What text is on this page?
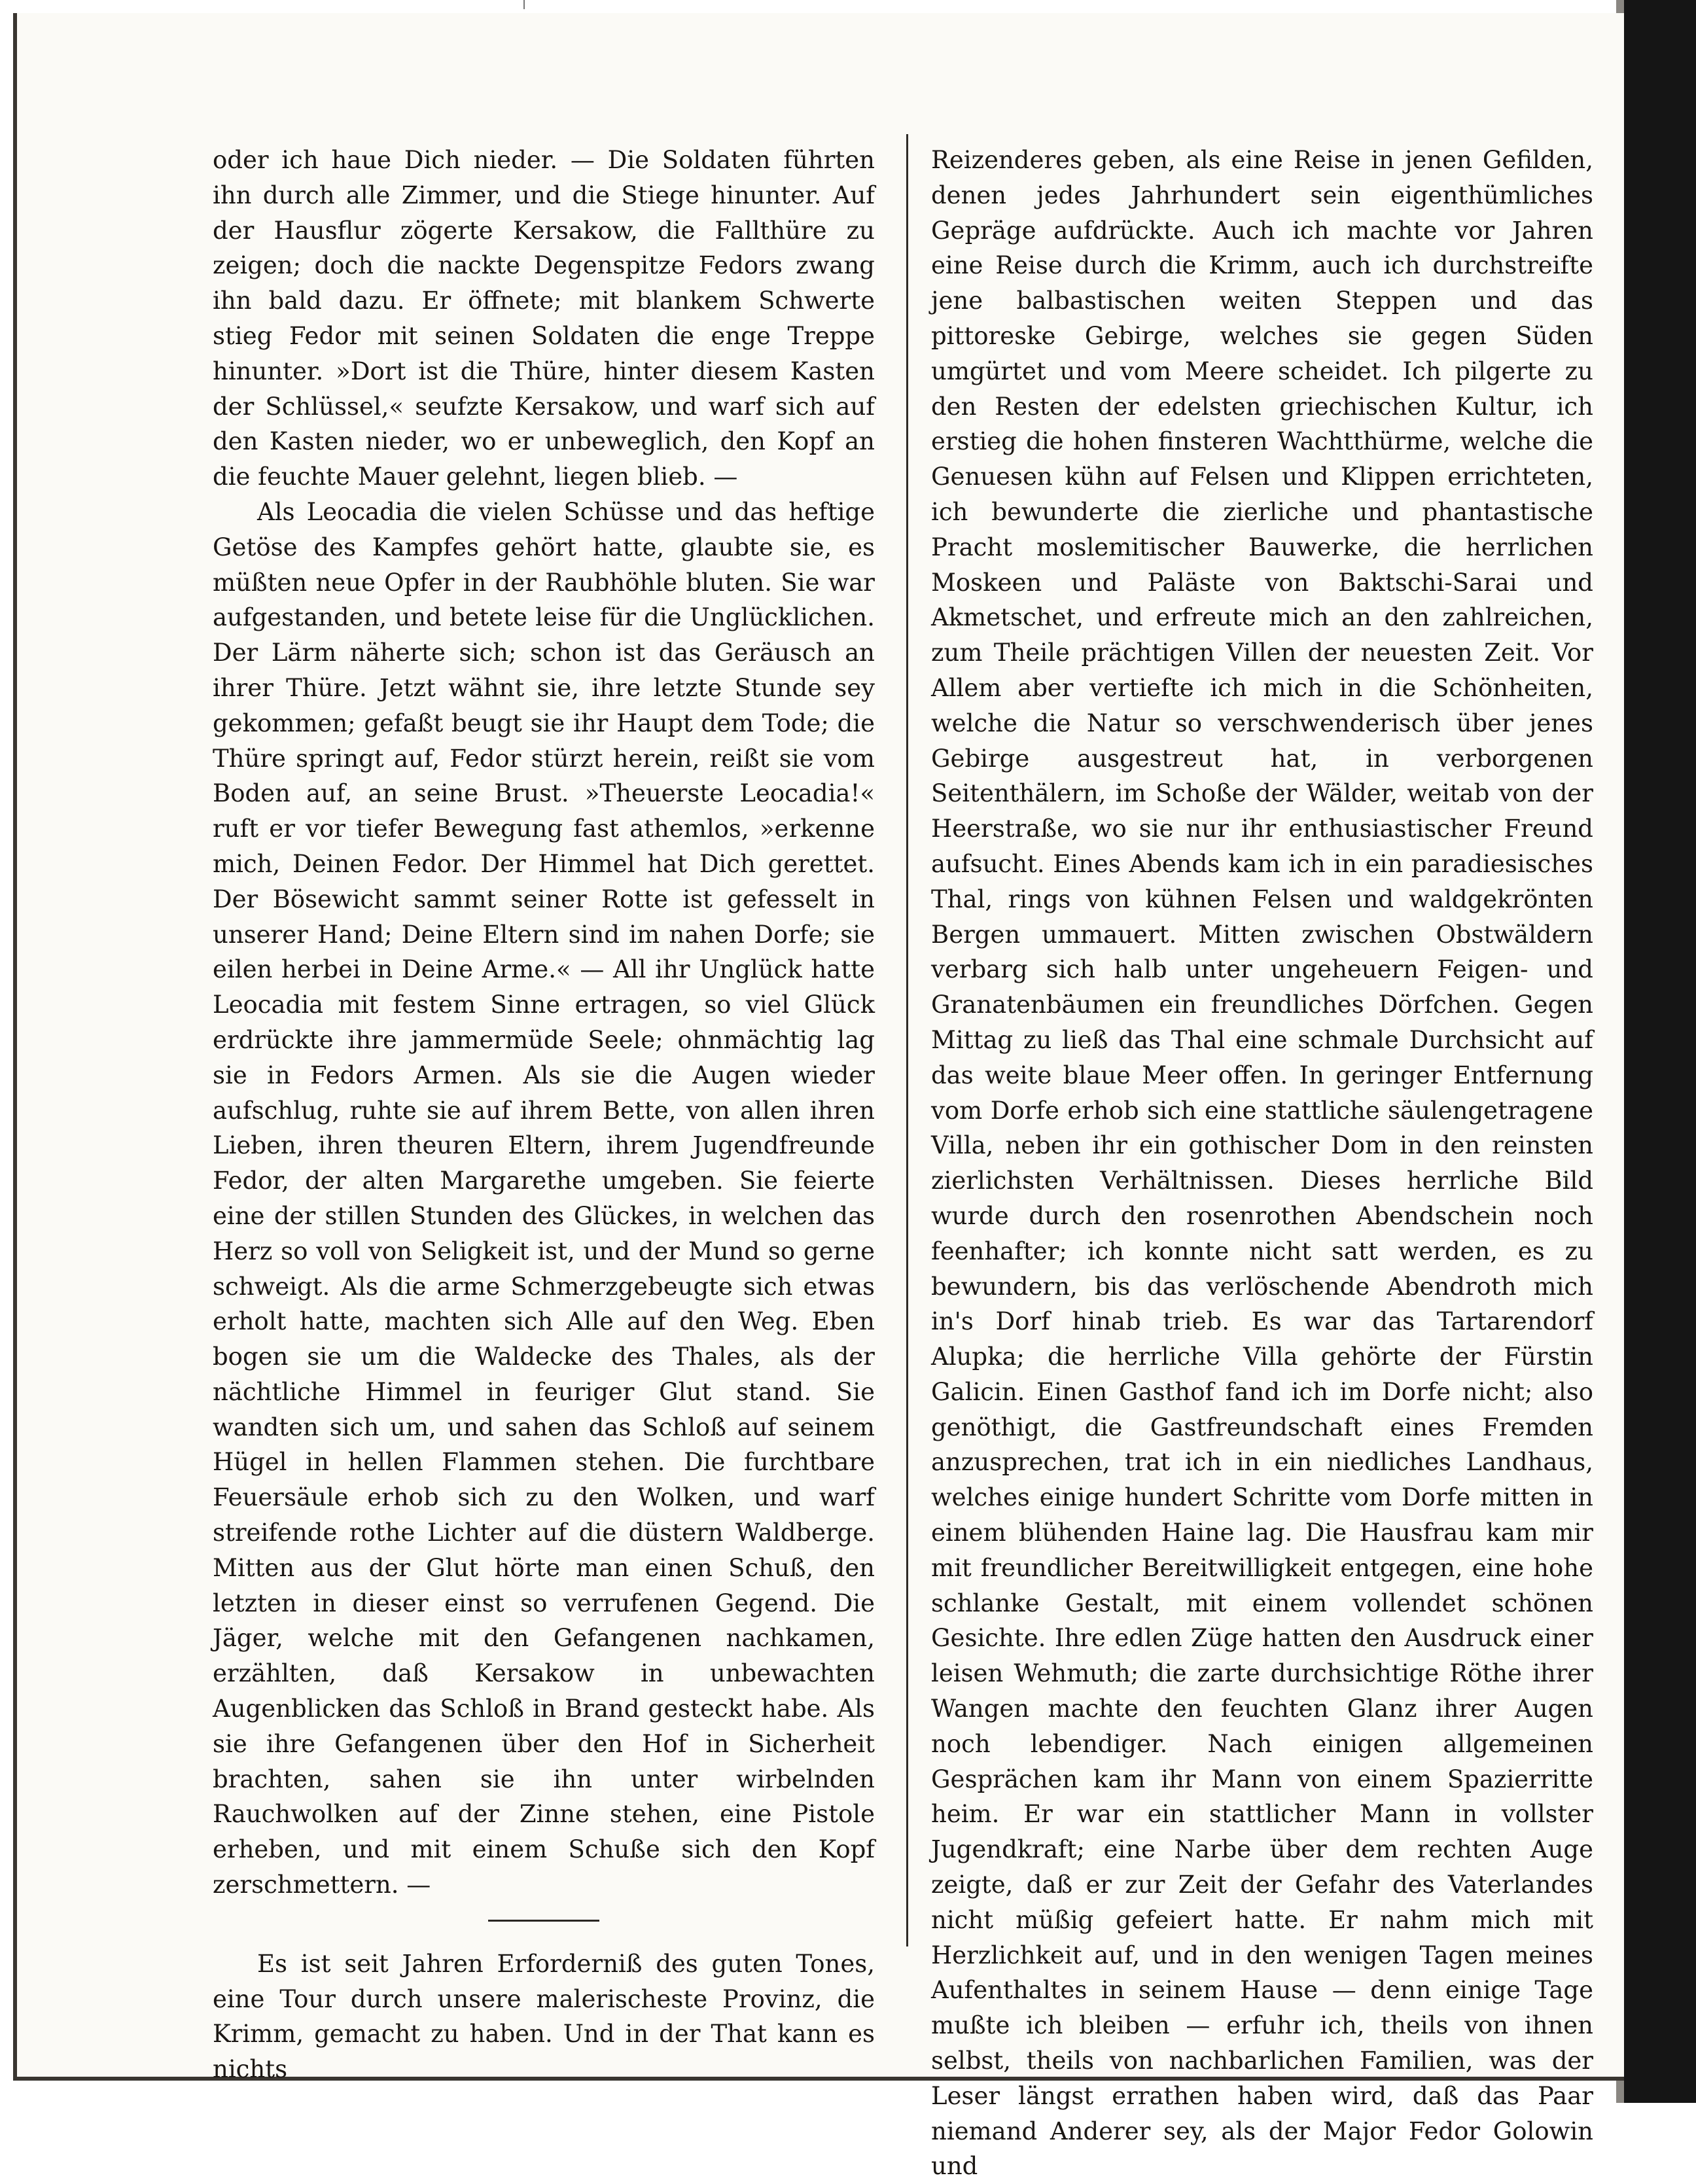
oder ich haue Dich nieder. — Die Soldaten führten ihn durch alle Zimmer, und die Stiege hinunter. Auf der Hausflur zögerte Kersakow, die Fallthüre zu zeigen; doch die nackte Degenspitze Fedors zwang ihn bald dazu. Er öffnete; mit blankem Schwerte stieg Fedor mit seinen Soldaten die enge Treppe hinunter. »Dort ist die Thüre, hinter diesem Kasten der Schlüssel,« seufzte Kersakow, und warf sich auf den Kasten nieder, wo er unbeweglich, den Kopf an die feuchte Mauer gelehnt, liegen blieb. —

Als Leocadia die vielen Schüsse und das heftige Getöse des Kampfes gehört hatte, glaubte sie, es müßten neue Opfer in der Raubhöhle bluten. Sie war aufgestanden, und betete leise für die Unglücklichen. Der Lärm näherte sich; schon ist das Geräusch an ihrer Thüre. Jetzt wähnt sie, ihre letzte Stunde sey gekommen; gefaßt beugt sie ihr Haupt dem Tode; die Thüre springt auf, Fedor stürzt herein, reißt sie vom Boden auf, an seine Brust. »Theuerste Leocadia!« ruft er vor tiefer Bewegung fast athemlos, »erkenne mich, Deinen Fedor. Der Himmel hat Dich gerettet. Der Bösewicht sammt seiner Rotte ist gefesselt in unserer Hand; Deine Eltern sind im nahen Dorfe; sie eilen herbei in Deine Arme.« — All ihr Unglück hatte Leocadia mit festem Sinne ertragen, so viel Glück erdrückte ihre jammermüde Seele; ohnmächtig lag sie in Fedors Armen. Als sie die Augen wieder aufschlug, ruhte sie auf ihrem Bette, von allen ihren Lieben, ihren theuren Eltern, ihrem Jugendfreunde Fedor, der alten Margarethe umgeben. Sie feierte eine der stillen Stunden des Glückes, in welchen das Herz so voll von Seligkeit ist, und der Mund so gerne schweigt. Als die arme Schmerzgebeugte sich etwas erholt hatte, machten sich Alle auf den Weg. Eben bogen sie um die Waldecke des Thales, als der nächtliche Himmel in feuriger Glut stand. Sie wandten sich um, und sahen das Schloß auf seinem Hügel in hellen Flammen stehen. Die furchtbare Feuersäule erhob sich zu den Wolken, und warf streifende rothe Lichter auf die düstern Waldberge. Mitten aus der Glut hörte man einen Schuß, den letzten in dieser einst so verrufenen Gegend. Die Jäger, welche mit den Gefangenen nachkamen, erzählten, daß Kersakow in unbewachten Augenblicken das Schloß in Brand gesteckt habe. Als sie ihre Gefangenen über den Hof in Sicherheit brachten, sahen sie ihn unter wirbelnden Rauchwolken auf der Zinne stehen, eine Pistole erheben, und mit einem Schuße sich den Kopf zerschmettern. —

Es ist seit Jahren Erforderniß des guten Tones, eine Tour durch unsere malerischeste Provinz, die Krimm, gemacht zu haben. Und in der That kann es nichts

Reizenderes geben, als eine Reise in jenen Gefilden, denen jedes Jahrhundert sein eigenthümliches Gepräge aufdrückte. Auch ich machte vor Jahren eine Reise durch die Krimm, auch ich durchstreifte jene balbastischen weiten Steppen und das pittoreske Gebirge, welches sie gegen Süden umgürtet und vom Meere scheidet. Ich pilgerte zu den Resten der edelsten griechischen Kultur, ich erstieg die hohen finsteren Wachtthürme, welche die Genuesen kühn auf Felsen und Klippen errichteten, ich bewunderte die zierliche und phantastische Pracht moslemitischer Bauwerke, die herrlichen Moskeen und Paläste von Baktschi-Sarai und Akmetschet, und erfreute mich an den zahlreichen, zum Theile prächtigen Villen der neuesten Zeit. Vor Allem aber vertiefte ich mich in die Schönheiten, welche die Natur so verschwenderisch über jenes Gebirge ausgestreut hat, in verborgenen Seitenthälern, im Schoße der Wälder, weitab von der Heerstraße, wo sie nur ihr enthusiastischer Freund aufsucht. Eines Abends kam ich in ein paradiesisches Thal, rings von kühnen Felsen und waldgekrönten Bergen ummauert. Mitten zwischen Obstwäldern verbarg sich halb unter ungeheuern Feigen- und Granatenbäumen ein freundliches Dörfchen. Gegen Mittag zu ließ das Thal eine schmale Durchsicht auf das weite blaue Meer offen. In geringer Entfernung vom Dorfe erhob sich eine stattliche säulengetragene Villa, neben ihr ein gothischer Dom in den reinsten zierlichsten Verhältnissen. Dieses herrliche Bild wurde durch den rosenrothen Abendschein noch feenhafter; ich konnte nicht satt werden, es zu bewundern, bis das verlöschende Abendroth mich in's Dorf hinab trieb. Es war das Tartarendorf Alupka; die herrliche Villa gehörte der Fürstin Galicin. Einen Gasthof fand ich im Dorfe nicht; also genöthigt, die Gastfreundschaft eines Fremden anzusprechen, trat ich in ein niedliches Landhaus, welches einige hundert Schritte vom Dorfe mitten in einem blühenden Haine lag. Die Hausfrau kam mir mit freundlicher Bereitwilligkeit entgegen, eine hohe schlanke Gestalt, mit einem vollendet schönen Gesichte. Ihre edlen Züge hatten den Ausdruck einer leisen Wehmuth; die zarte durchsichtige Röthe ihrer Wangen machte den feuchten Glanz ihrer Augen noch lebendiger. Nach einigen allgemeinen Gesprächen kam ihr Mann von einem Spazierritte heim. Er war ein stattlicher Mann in vollster Jugendkraft; eine Narbe über dem rechten Auge zeigte, daß er zur Zeit der Gefahr des Vaterlandes nicht müßig gefeiert hatte. Er nahm mich mit Herzlichkeit auf, und in den wenigen Tagen meines Aufenthaltes in seinem Hause — denn einige Tage mußte ich bleiben — erfuhr ich, theils von ihnen selbst, theils von nachbarlichen Familien, was der Leser längst errathen haben wird, daß das Paar niemand Anderer sey, als der Major Fedor Golowin und
